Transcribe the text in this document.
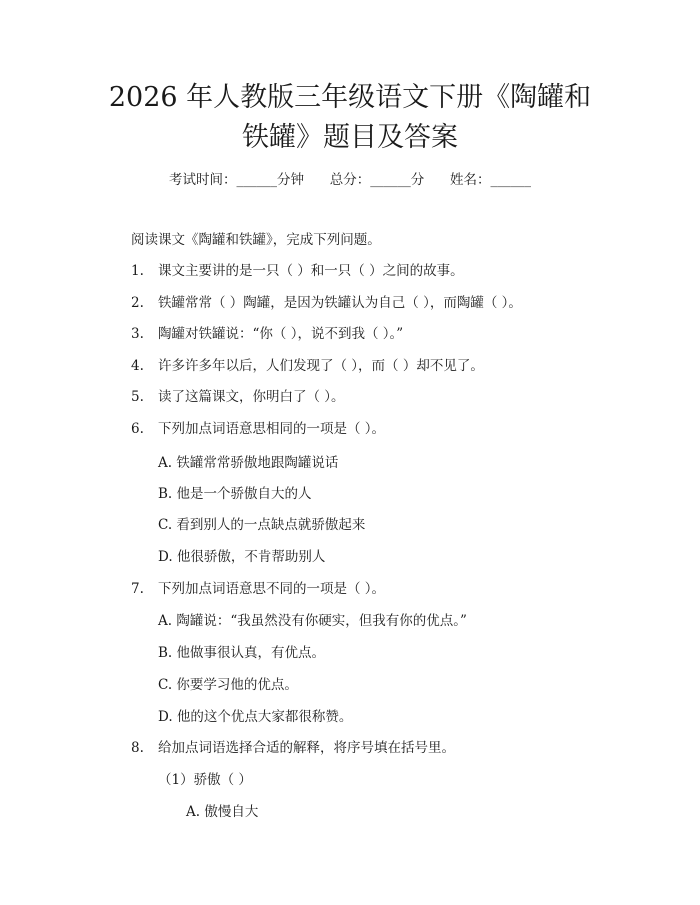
2026 年人教版三年级语文下册《陶罐和铁罐》题目及答案
考试时间：______分钟      总分：______分      姓名：______
阅读课文《陶罐和铁罐》，完成下列问题。
1. 课文主要讲的是一只（ ）和一只（ ）之间的故事。
2. 铁罐常常（ ）陶罐，是因为铁罐认为自己（ ），而陶罐（ ）。
3. 陶罐对铁罐说：“你（ ），说不到我（ ）。”
4. 许多许多年以后，人们发现了（ ），而（ ）却不见了。
5. 读了这篇课文，你明白了（ ）。
6. 下列加点词语意思相同的一项是（ ）。
A. 铁罐常常骄傲地跟陶罐说话
B. 他是一个骄傲自大的人
C. 看到别人的一点缺点就骄傲起来
D. 他很骄傲，不肯帮助别人
7. 下列加点词语意思不同的一项是（ ）。
A. 陶罐说：“我虽然没有你硬实，但我有你的优点。”
B. 他做事很认真，有优点。
C. 你要学习他的优点。
D. 他的这个优点大家都很称赞。
8. 给加点词语选择合适的解释，将序号填在括号里。
（1）骄傲（ ）
A. 傲慢自大
